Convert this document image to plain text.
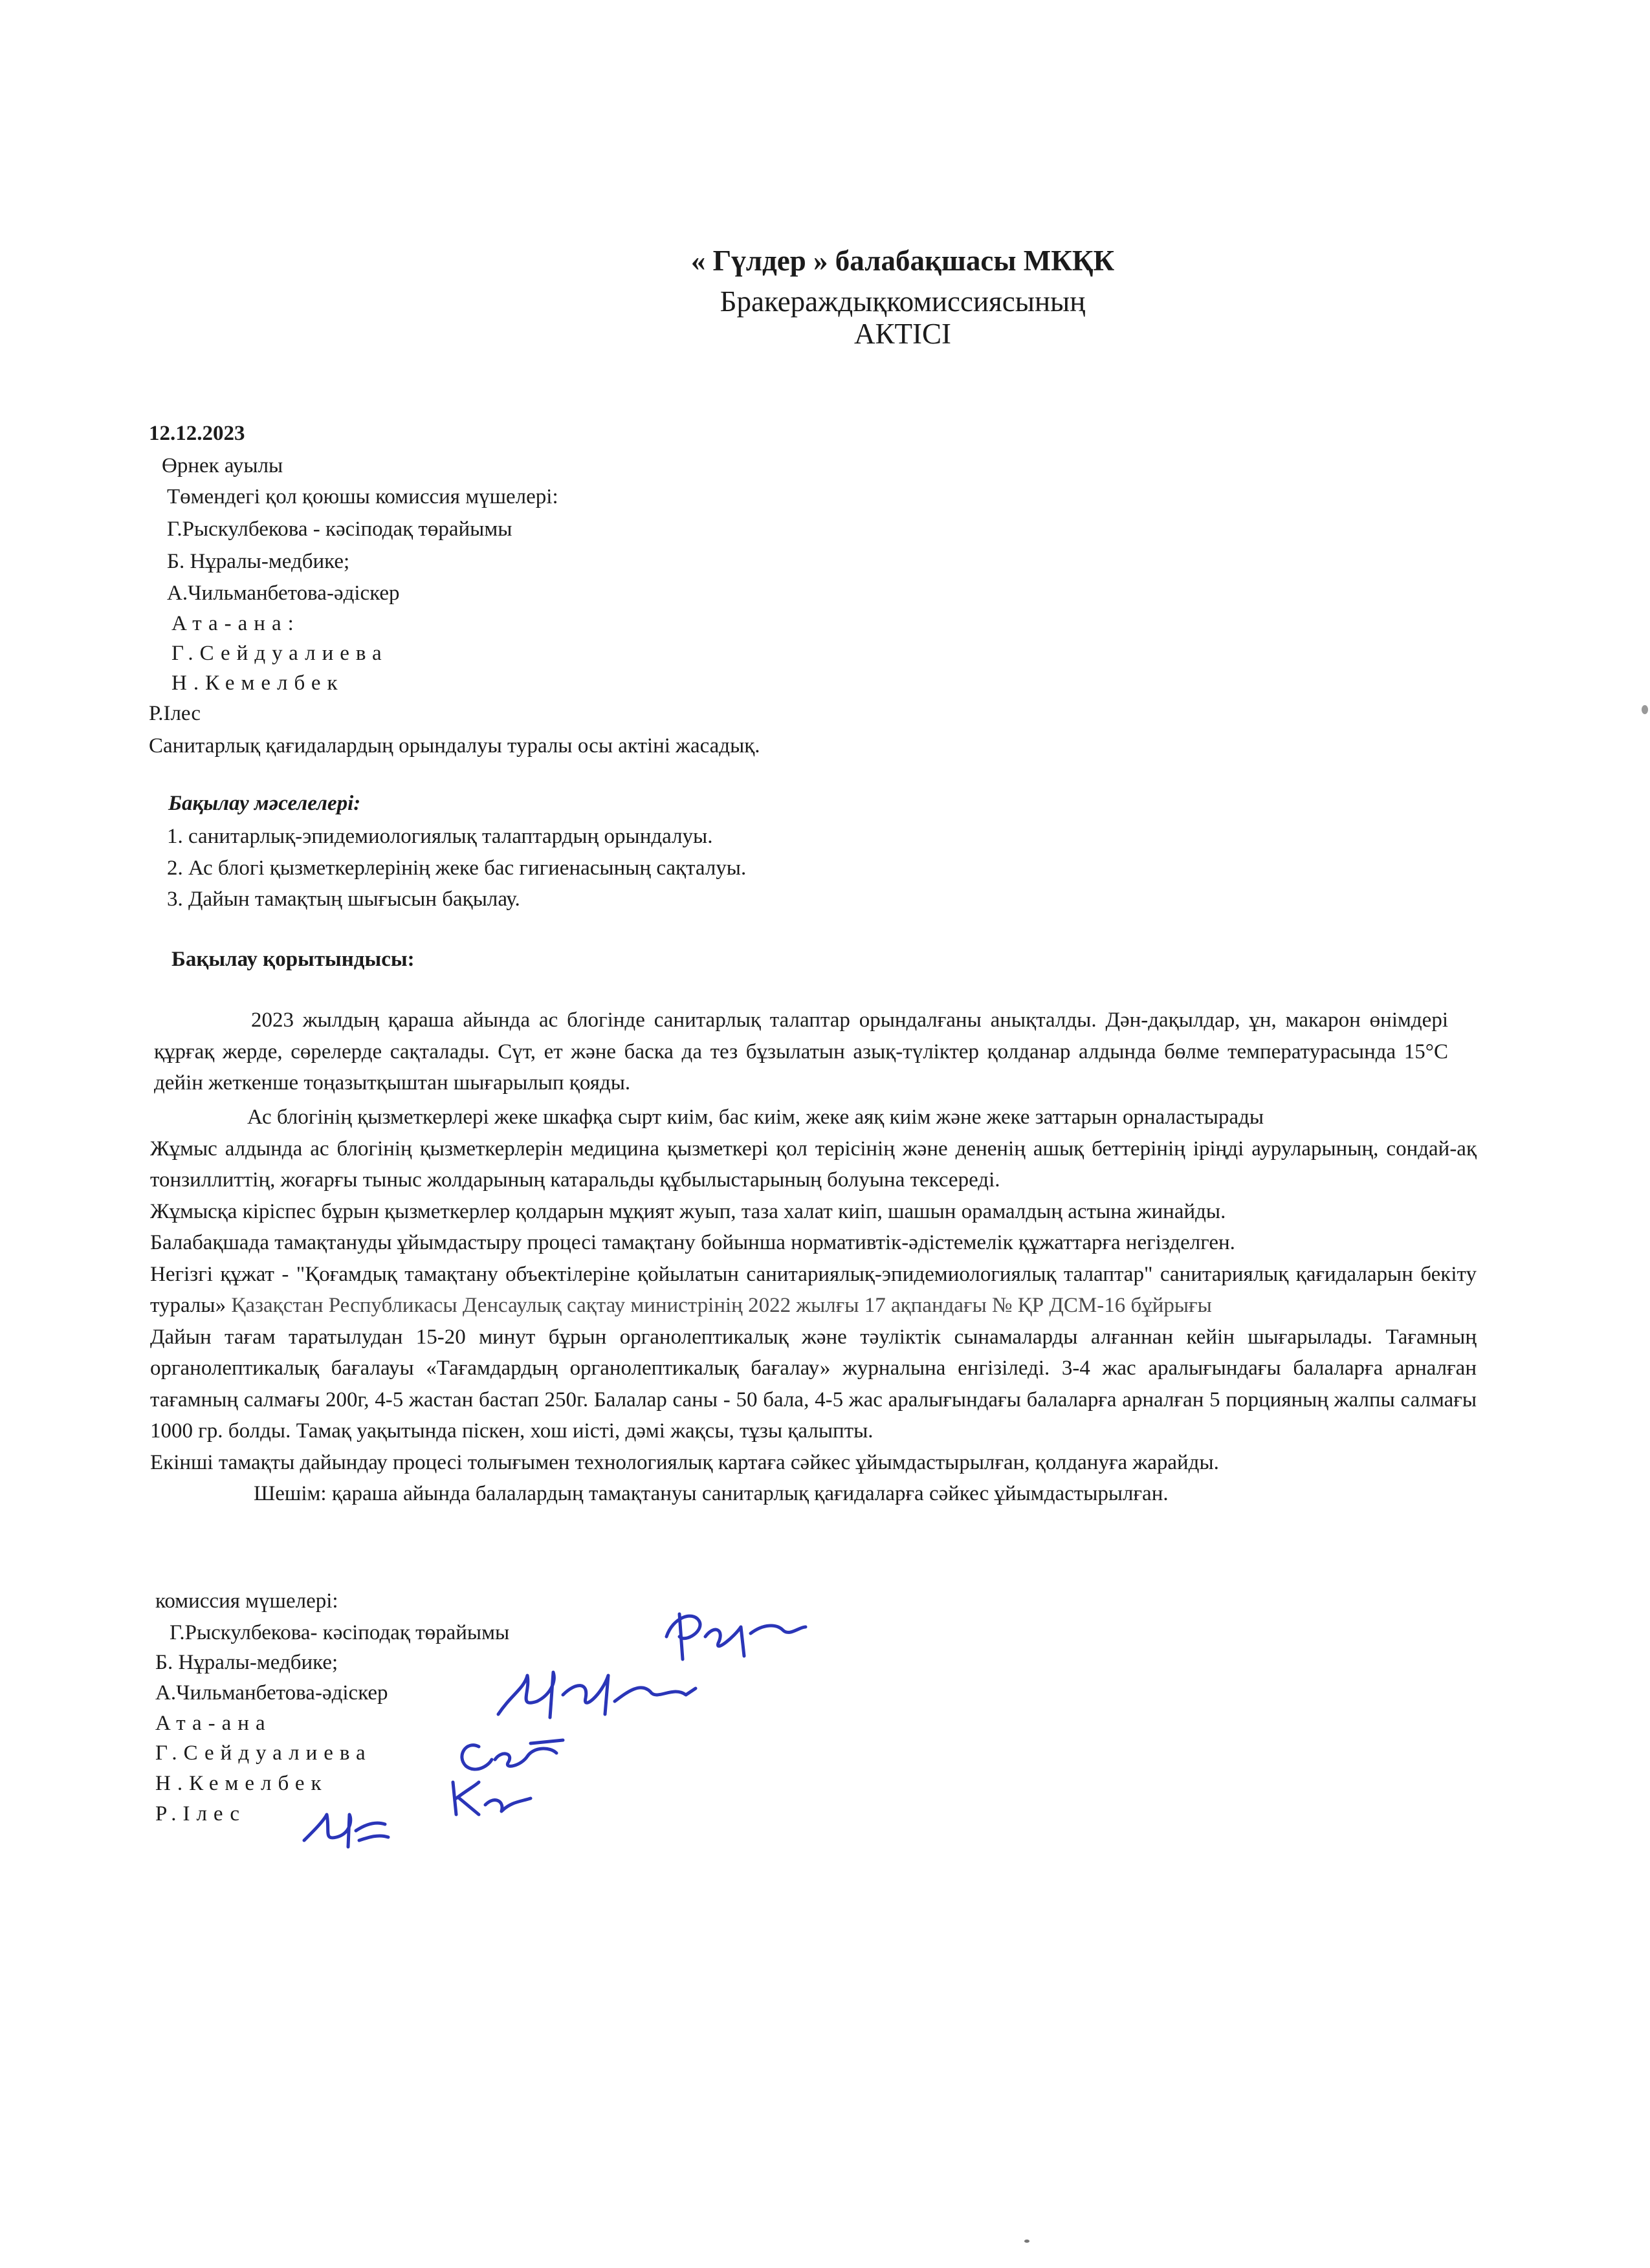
« Гүлдер » балабақшасы МКҚК
Бракераждықкомиссиясының
АКТІСІ
12.12.2023
Өрнек ауылы
Төмендегі қол қоюшы комиссия мүшелері:
Г.Рыскулбекова - кәсіподақ төрайымы
Б. Нұралы-медбике;
А.Чильманбетова-әдіскер
Ата-ана:
Г.Сейдуалиева
Н.Кемелбек
Р.Ілес
Санитарлық қағидалардың орындалуы туралы осы актіні жасадық.
Бақылау мәселелері:
1. санитарлық-эпидемиологиялық талаптардың орындалуы.
2. Ас блогі қызметкерлерінің жеке бас гигиенасының сақталуы.
3. Дайын тамақтың шығысын бақылау.
Бақылау қорытындысы:

2023 жылдың қараша айында ас блогінде санитарлық талаптар орындалғаны анықталды. Дән-дақылдар, ұн, макарон өнімдері құрғақ жерде, сөрелерде сақталады. Сүт, ет және баска да тез бұзылатын азық-түліктер қолданар алдында бөлме температурасында 15°С дейін жеткенше тоңазытқыштан шығарылып қояды.

Ас блогінің қызметкерлері жеке шкафқа сырт киім, бас киім, жеке аяқ киім және жеке заттарын орналастырады

Жұмыс алдында ас блогінің қызметкерлерін медицина қызметкері қол терісінің және дененің ашық беттерінің іріңді ауруларының, сондай-ақ тонзиллиттің, жоғарғы тыныс жолдарының катаральды құбылыстарының болуына тексереді.

Жұмысқа кіріспес бұрын қызметкерлер қолдарын мұқият жуып, таза халат киіп, шашын орамалдың астына жинайды.

Балабақшада тамақтануды ұйымдастыру процесі тамақтану бойынша нормативтік-әдістемелік құжаттарға негізделген.

Негізгі құжат - "Қоғамдық тамақтану объектілеріне қойылатын санитариялық-эпидемиологиялық талаптар" санитариялық қағидаларын бекіту туралы» Қазақстан Республикасы Денсаулық сақтау министрінің 2022 жылғы 17 ақпандағы № ҚР ДСМ-16 бұйрығы

Дайын тағам таратылудан 15-20 минут бұрын органолептикалық және тәуліктік сынамаларды алғаннан кейін шығарылады. Тағамның органолептикалық бағалауы «Тағамдардың органолептикалық бағалау» журналына енгізіледі. 3-4 жас аралығындағы балаларға арналған тағамның салмағы 200г, 4-5 жастан бастап 250г. Балалар саны - 50 бала, 4-5 жас аралығындағы балаларға арналған 5 порцияның жалпы салмағы 1000 гр. болды. Тамақ уақытында піскен, хош иісті, дәмі жақсы, тұзы қалыпты.

Екінші тамақты дайындау процесі толығымен технологиялық картаға сәйкес ұйымдастырылған, қолдануға жарайды.

Шешім: қараша айында балалардың тамақтануы санитарлық қағидаларға сәйкес ұйымдастырылған.

комиссия мүшелері:
Г.Рыскулбекова- кәсіподақ төрайымы
Б. Нұралы-медбике;
А.Чильманбетова-әдіскер
Ата-ана
Г.Сейдуалиева
Н.Кемелбек
Р.Ілес
